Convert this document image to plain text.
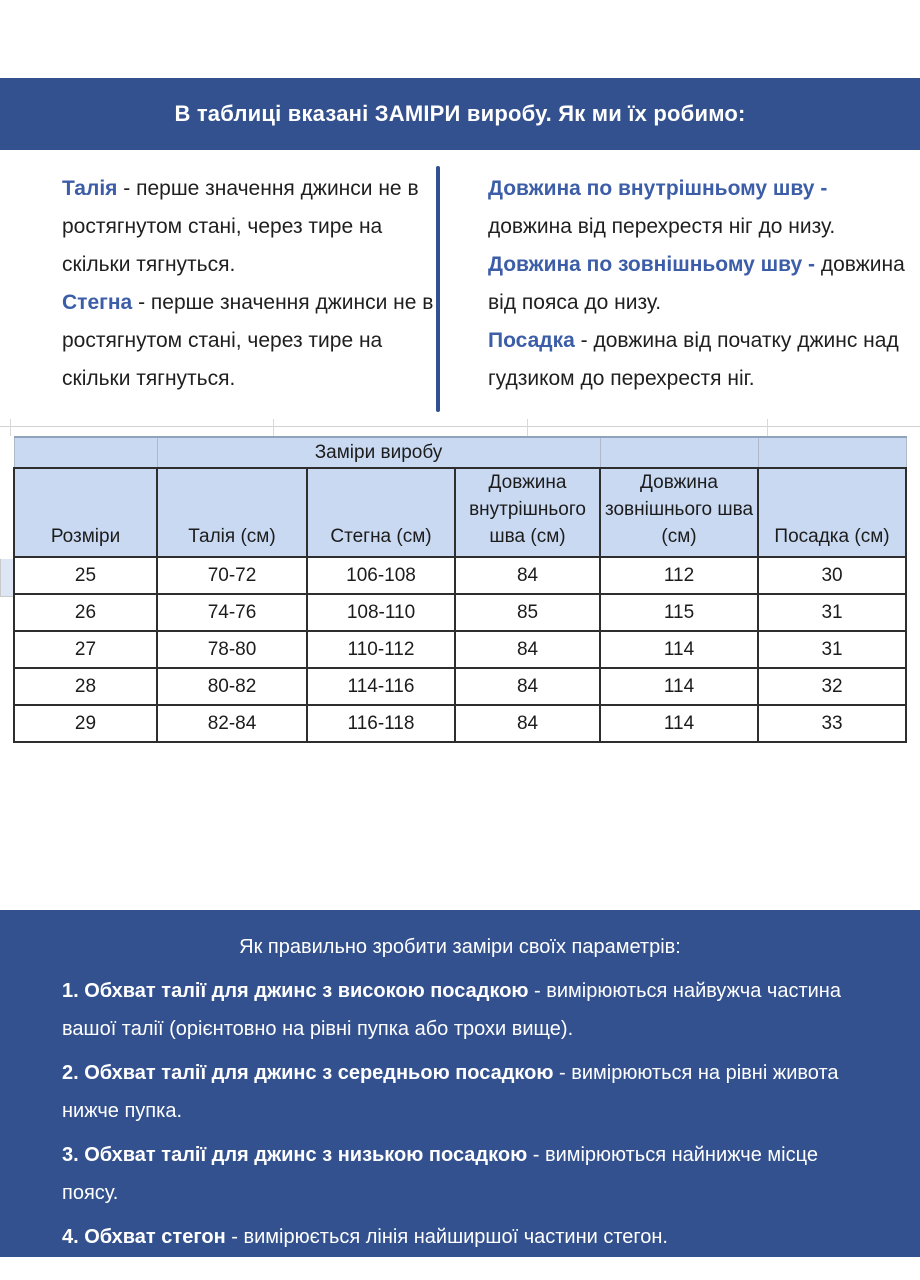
В таблиці вказані ЗАМІРИ виробу. Як ми їх робимо:

Талія - перше значення джинси не в ростягнутом стані, через тире на скільки тягнуться.

Стегна - перше значення джинси не в ростягнутом стані, через тире на скільки тягнуться.

Довжина по внутрішньому шву - довжина від перехрестя ніг до низу.

Довжина по зовнішньому шву - довжина від пояса до низу.

Посадка - довжина від початку джинс над гудзиком до перехрестя ніг.

	Заміри виробу				
Розміри	Талія (см)	Стегна (см)	Довжина внутрішнього шва (см)	Довжина зовнішнього шва (см)	Посадка (см)
25	70-72	106-108	84	112	30
26	74-76	108-110	85	115	31
27	78-80	110-112	84	114	31
28	80-82	114-116	84	114	32
29	82-84	116-118	84	114	33
Як правильно зробити заміри своїх параметрів:

1. Обхват талії для джинс з високою посадкою - вимірюються найвужча частина вашої талії (орієнтовно на рівні пупка або трохи вище).

2. Обхват талії для джинс з середньою посадкою - вимірюються на рівні живота нижче пупка.

3. Обхват талії для джинс з низькою посадкою - вимірюються найнижче місце поясу.

4. Обхват стегон - вимірюється лінія найширшої частини стегон.
